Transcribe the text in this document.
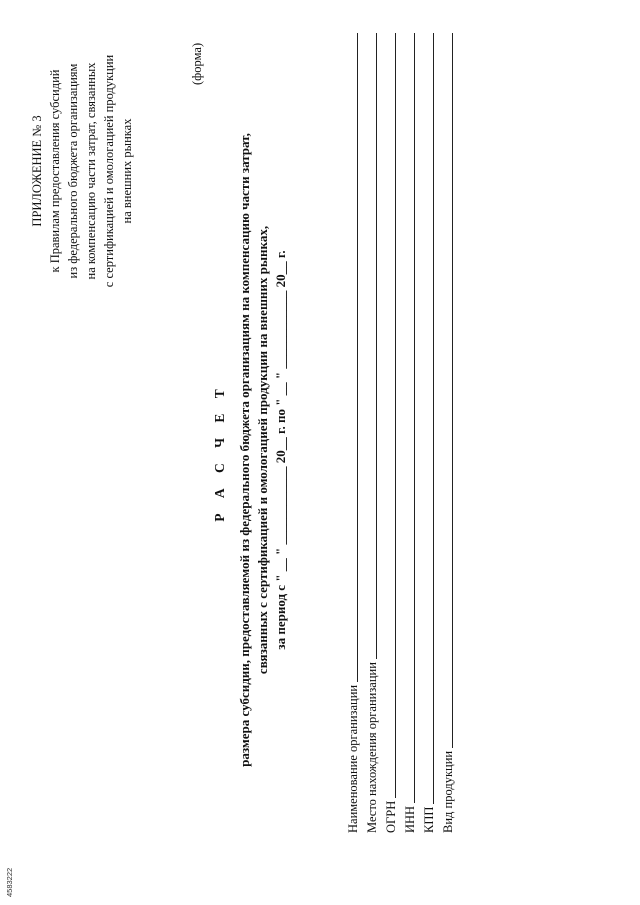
ПРИЛОЖЕНИЕ № 3 к Правилам предоставления субсидий из федерального бюджета организациям на компенсацию части затрат, связанных с сертификацией и омологацией продукции на внешних рынках
(форма)
Р А С Ч Е Т размера субсидии, предоставляемой из федерального бюджета организациям на компенсацию части затрат, связанных с сертификацией и омологацией продукции на внешних рынках, за период с " __ " ____________ 20__ г. по " __ " ____________ 20__ г.
Наименование организации Место нахождения организации ОГРН ИНН КПП Вид продукции
4583222
